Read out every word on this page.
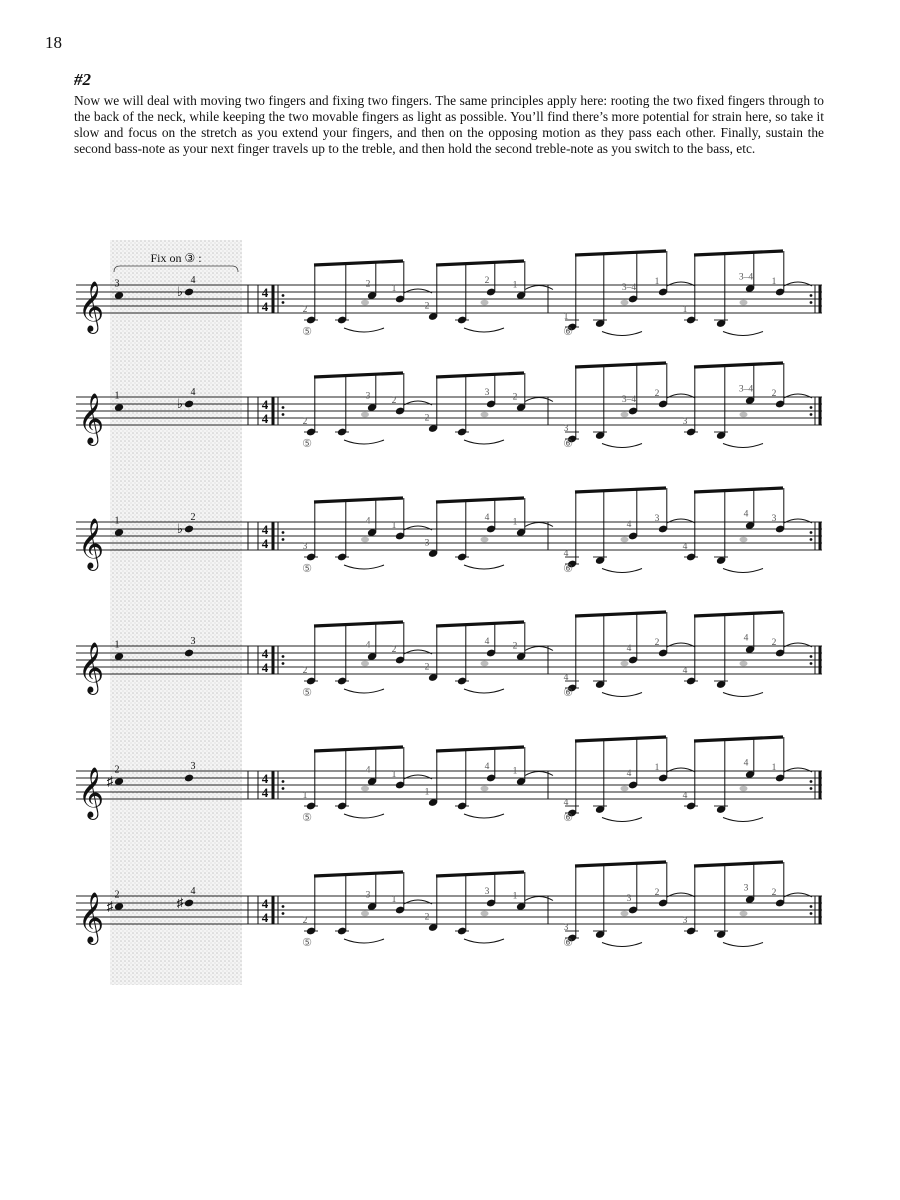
18
#2
Now we will deal with moving two fingers and fixing two fingers. The same principles apply here: rooting the two fixed fingers through to the back of the neck, while keeping the two movable fingers as light as possible. You’ll find there’s more potential for strain here, so take it slow and focus on the stretch as you extend your fingers, and then on the opposing motion as they pass each other. Finally, sustain the second bass-note as your next finger travels up to the treble, and then hold the second treble-note as you switch to the bass, etc.
𝄞 3	♭
4
4
4	2
2 1
⑤
2
2 1
1
3–4
1
⑥
1
3–4 1
𝄞 1	♭
4
4
4	2
3 2
⑤
2
3 2
3
3–4
2
⑥
3
3–4 2
𝄞 1	♭
2
4
4	3
4 1
⑤
3
4 1
4
4
3
⑥
4
4 3
𝄞 1	3
4
4	2
4 2
⑤
2
4 2
4
4
2
⑥
4
4 2
𝄞 ♯
2	3
4
4	1
4 1
⑤
1
4 1
4
4
1
⑥
4
4 1
𝄞 ♯
2	♯
4
4
4	2
3 1
⑤
2
3 1
3
3
2
⑥
3
3 2
Fix on ③ :
